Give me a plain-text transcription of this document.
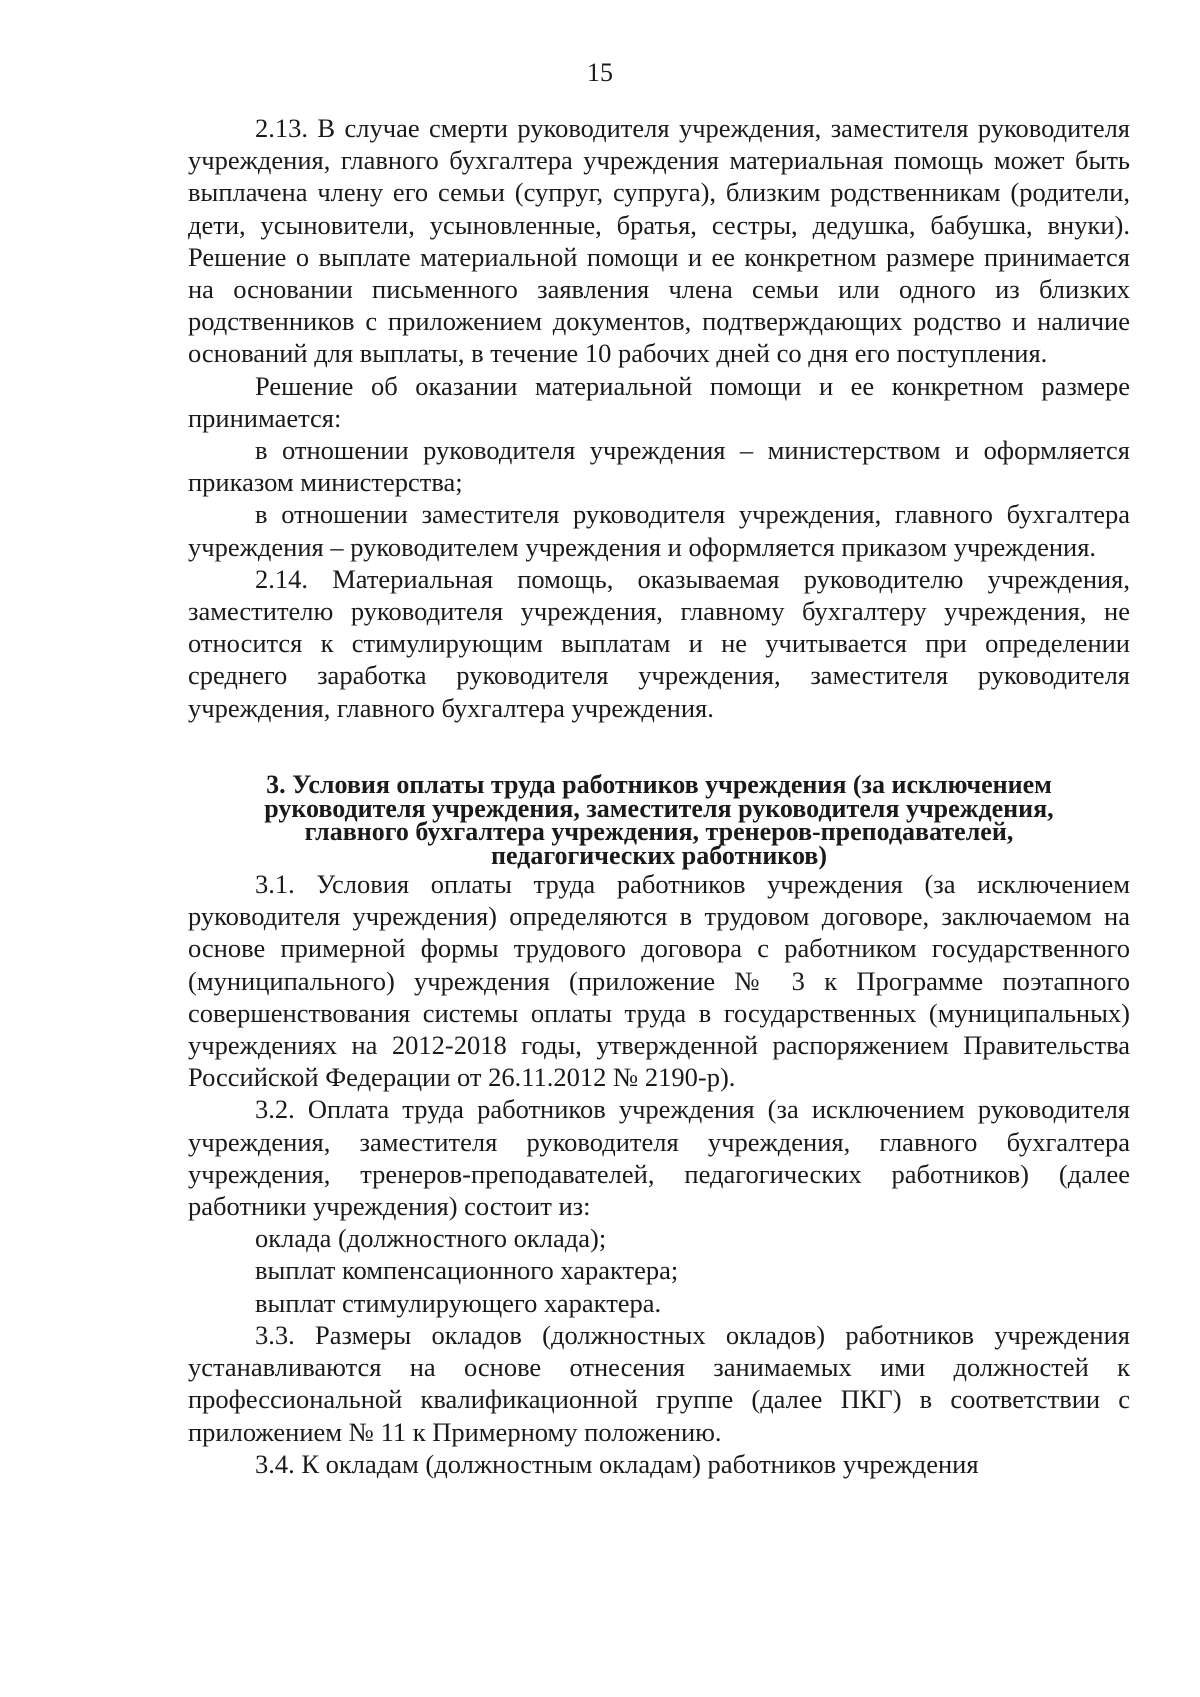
15

2.13. В случае смерти руководителя учреждения, заместителя руководителя учреждения, главного бухгалтера учреждения материальная помощь может быть выплачена члену его семьи (супруг, супруга), близким родственникам (родители, дети, усыновители, усыновленные, братья, сестры, дедушка, бабушка, внуки). Решение о выплате материальной помощи и ее конкретном размере принимается на основании письменного заявления члена семьи или одного из близких родственников с приложением документов, подтверждающих родство и наличие оснований для выплаты, в течение 10 рабочих дней со дня его поступления.

Решение об оказании материальной помощи и ее конкретном размере принимается:

в отношении руководителя учреждения – министерством и оформляется приказом министерства;

в отношении заместителя руководителя учреждения, главного бухгалтера учреждения – руководителем учреждения и оформляется приказом учреждения.

2.14. Материальная помощь, оказываемая руководителю учреждения, заместителю руководителя учреждения, главному бухгалтеру учреждения, не относится к стимулирующим выплатам и не учитывается при определении среднего заработка руководителя учреждения, заместителя руководителя учреждения, главного бухгалтера учреждения.

3. Условия оплаты труда работников учреждения (за исключением руководителя учреждения, заместителя руководителя учреждения, главного бухгалтера учреждения, тренеров-преподавателей, педагогических работников)

3.1. Условия оплаты труда работников учреждения (за исключением руководителя учреждения) определяются в трудовом договоре, заключаемом на основе примерной формы трудового договора с работником государственного (муниципального) учреждения (приложение № 3 к Программе поэтапного совершенствования системы оплаты труда в государственных (муниципальных) учреждениях на 2012-2018 годы, утвержденной распоряжением Правительства Российской Федерации от 26.11.2012 № 2190-р).

3.2. Оплата труда работников учреждения (за исключением руководителя учреждения, заместителя руководителя учреждения, главного бухгалтера учреждения, тренеров-преподавателей, педагогических работников) (далее работники учреждения) состоит из:

оклада (должностного оклада);

выплат компенсационного характера;

выплат стимулирующего характера.

3.3. Размеры окладов (должностных окладов) работников учреждения устанавливаются на основе отнесения занимаемых ими должностей к профессиональной квалификационной группе (далее ПКГ) в соответствии с приложением № 11 к Примерному положению.

3.4. К окладам (должностным окладам) работников учреждения
